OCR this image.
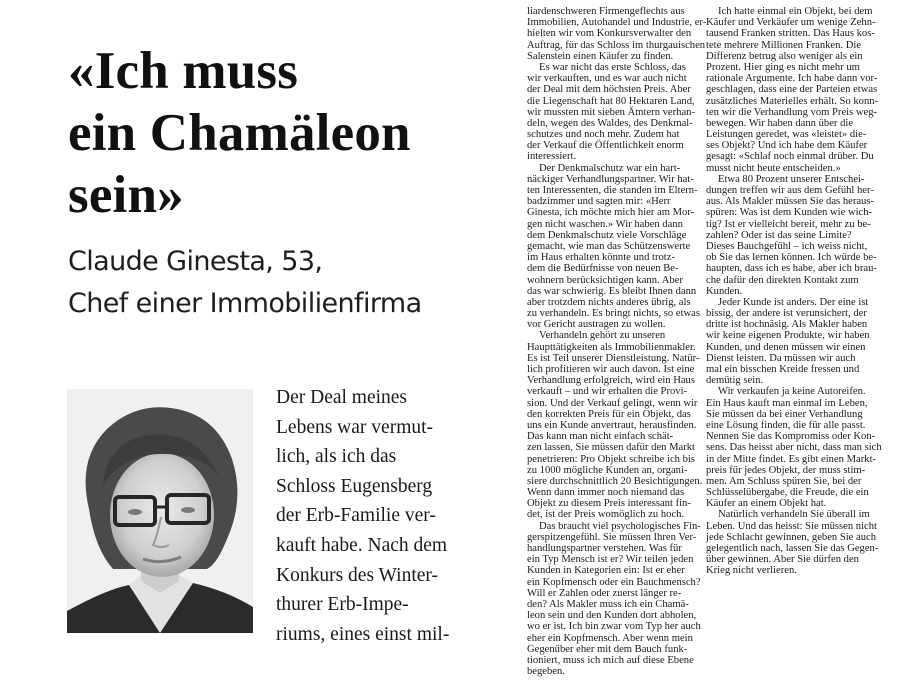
«Ich muss
ein Chamäleon
sein»
Claude Ginesta, 53,
Chef einer Immobilienfirma
Der Deal meines
Lebens war vermut-
lich, als ich das
Schloss Eugensberg
der Erb-Familie ver-
kauft habe. Nach dem
Konkurs des Winter-
thurer Erb-Impe-
riums, eines einst mil-
liardenschweren Firmengeflechts aus
Immobilien, Autohandel und Industrie, er-
hielten wir vom Konkursverwalter den
Auftrag, für das Schloss im thurgauischen
Salenstein einen Käufer zu finden.
Es war nicht das erste Schloss, das
wir verkauften, und es war auch nicht
der Deal mit dem höchsten Preis. Aber
die Liegenschaft hat 80 Hektaren Land,
wir mussten mit sieben Ämtern verhan-
deln, wegen des Waldes, des Denkmal-
schutzes und noch mehr. Zudem hat
der Verkauf die Öffentlichkeit enorm
interessiert.
Der Denkmalschutz war ein hart-
näckiger Verhandlungspartner. Wir hat-
ten Interessenten, die standen im Eltern-
badzimmer und sagten mir: «Herr
Ginesta, ich möchte mich hier am Mor-
gen nicht waschen.» Wir haben dann
dem Denkmalschutz viele Vorschläge
gemacht, wie man das Schützenswerte
im Haus erhalten könnte und trotz-
dem die Bedürfnisse von neuen Be-
wohnern berücksichtigen kann. Aber
das war schwierig. Es bleibt Ihnen dann
aber trotzdem nichts anderes übrig, als
zu verhandeln. Es bringt nichts, so etwas
vor Gericht austragen zu wollen.
Verhandeln gehört zu unseren
Haupttätigkeiten als Immobilienmakler.
Es ist Teil unserer Dienstleistung. Natür-
lich profitieren wir auch davon. Ist eine
Verhandlung erfolgreich, wird ein Haus
verkauft – und wir erhalten die Provi-
sion. Und der Verkauf gelingt, wenn wir
den korrekten Preis für ein Objekt, das
uns ein Kunde anvertraut, herausfinden.
Das kann man nicht einfach schät-
zen lassen, Sie müssen dafür den Markt
penetrieren: Pro Objekt schreibe ich bis
zu 1000 mögliche Kunden an, organi-
siere durchschnittlich 20 Besichtigungen.
Wenn dann immer noch niemand das
Objekt zu diesem Preis interessant fin-
det, ist der Preis womöglich zu hoch.
Das braucht viel psychologisches Fin-
gerspitzengefühl. Sie müssen Ihren Ver-
handlungspartner verstehen. Was für
ein Typ Mensch ist er? Wir teilen jeden
Kunden in Kategorien ein: Ist er eher
ein Kopfmensch oder ein Bauchmensch?
Will er Zahlen oder zuerst länger re-
den? Als Makler muss ich ein Chamä-
leon sein und den Kunden dort abholen,
wo er ist. Ich bin zwar vom Typ her auch
eher ein Kopfmensch. Aber wenn mein
Gegenüber eher mit dem Bauch funk-
tioniert, muss ich mich auf diese Ebene
begeben.
Ich hatte einmal ein Objekt, bei dem
Käufer und Verkäufer um wenige Zehn-
tausend Franken stritten. Das Haus kos-
tete mehrere Millionen Franken. Die
Differenz betrug also weniger als ein
Prozent. Hier ging es nicht mehr um
rationale Argumente. Ich habe dann vor-
geschlagen, dass eine der Parteien etwas
zusätzliches Materielles erhält. So konn-
ten wir die Verhandlung vom Preis weg-
bewegen. Wir haben dann über die
Leistungen geredet, was «leistet» die-
ses Objekt? Und ich habe dem Käufer
gesagt: «Schlaf noch einmal drüber. Du
musst nicht heute entscheiden.»
Etwa 80 Prozent unserer Entschei-
dungen treffen wir aus dem Gefühl her-
aus. Als Makler müssen Sie das heraus-
spüren: Was ist dem Kunden wie wich-
tig? Ist er vielleicht bereit, mehr zu be-
zahlen? Oder ist das seine Limite?
Dieses Bauchgefühl – ich weiss nicht,
ob Sie das lernen können. Ich würde be-
haupten, dass ich es habe, aber ich brau-
che dafür den direkten Kontakt zum
Kunden.
Jeder Kunde ist anders. Der eine ist
bissig, der andere ist verunsichert, der
dritte ist hochnäsig. Als Makler haben
wir keine eigenen Produkte, wir haben
Kunden, und denen müssen wir einen
Dienst leisten. Da müssen wir auch
mal ein bisschen Kreide fressen und
demütig sein.
Wir verkaufen ja keine Autoreifen.
Ein Haus kauft man einmal im Leben,
Sie müssen da bei einer Verhandlung
eine Lösung finden, die für alle passt.
Nennen Sie das Kompromiss oder Kon-
sens. Das heisst aber nicht, dass man sich
in der Mitte findet. Es gibt einen Markt-
preis für jedes Objekt, der muss stim-
men. Am Schluss spüren Sie, bei der
Schlüsselübergabe, die Freude, die ein
Käufer an einem Objekt hat.
Natürlich verhandeln Sie überall im
Leben. Und das heisst: Sie müssen nicht
jede Schlacht gewinnen, geben Sie auch
gelegentlich nach, lassen Sie das Gegen-
über gewinnen. Aber Sie dürfen den
Krieg nicht verlieren.
